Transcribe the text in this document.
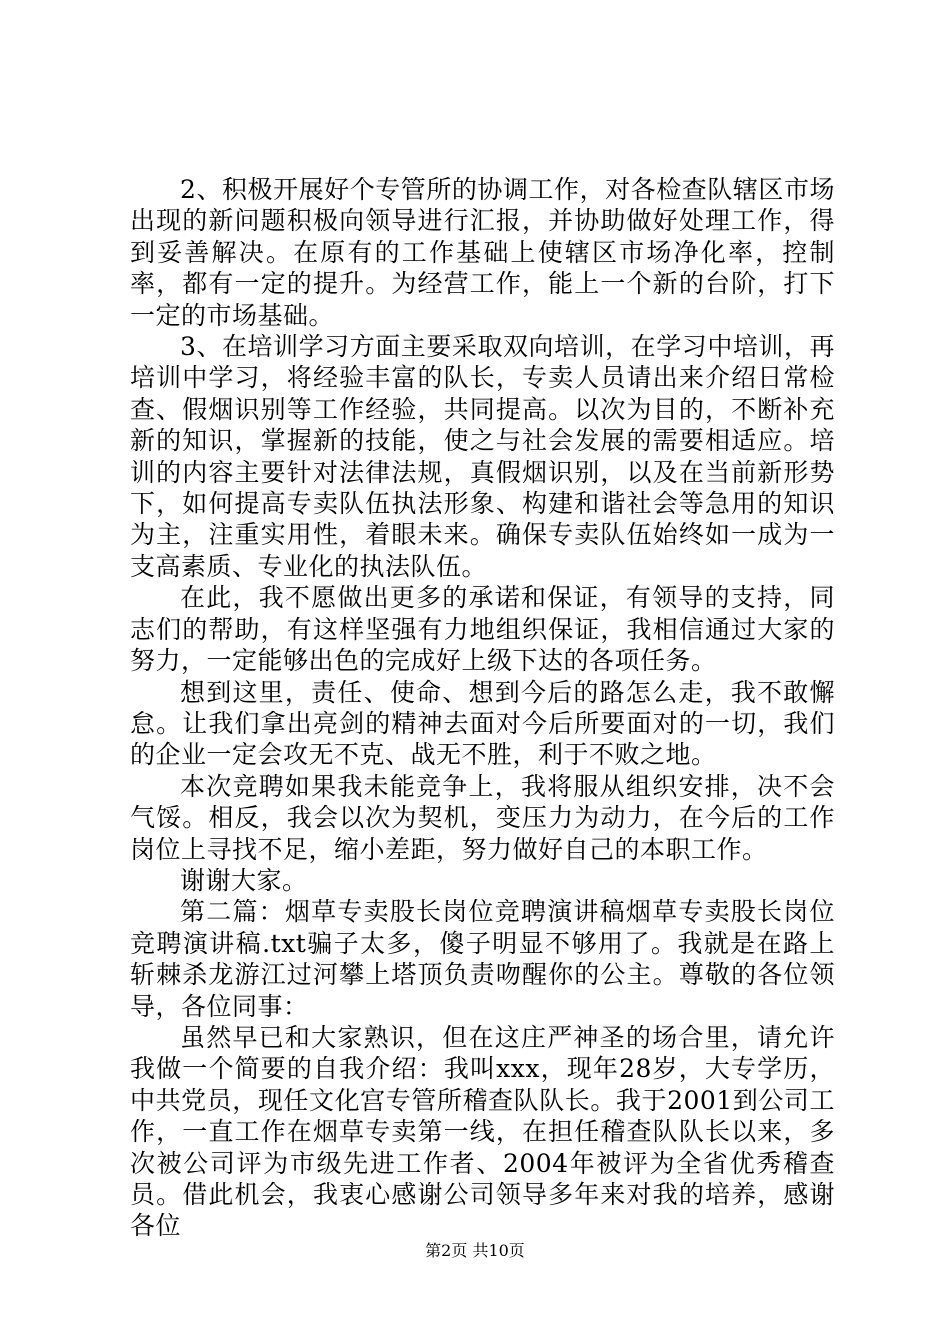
2、积极开展好个专管所的协调工作，对各检查队辖区市场出现的新问题积极向领导进行汇报，并协助做好处理工作，得到妥善解决。在原有的工作基础上使辖区市场净化率，控制率，都有一定的提升。为经营工作，能上一个新的台阶，打下一定的市场基础。

3、在培训学习方面主要采取双向培训，在学习中培训，再培训中学习，将经验丰富的队长，专卖人员请出来介绍日常检查、假烟识别等工作经验，共同提高。以次为目的，不断补充新的知识，掌握新的技能，使之与社会发展的需要相适应。培训的内容主要针对法律法规，真假烟识别，以及在当前新形势下，如何提高专卖队伍执法形象、构建和谐社会等急用的知识为主，注重实用性，着眼未来。确保专卖队伍始终如一成为一支高素质、专业化的执法队伍。

在此，我不愿做出更多的承诺和保证，有领导的支持，同志们的帮助，有这样坚强有力地组织保证，我相信通过大家的努力，一定能够出色的完成好上级下达的各项任务。

想到这里，责任、使命、想到今后的路怎么走，我不敢懈怠。让我们拿出亮剑的精神去面对今后所要面对的一切，我们的企业一定会攻无不克、战无不胜，利于不败之地。

本次竞聘如果我未能竞争上，我将服从组织安排，决不会气馁。相反，我会以次为契机，变压力为动力，在今后的工作岗位上寻找不足，缩小差距，努力做好自己的本职工作。

谢谢大家。

第二篇：烟草专卖股长岗位竞聘演讲稿烟草专卖股长岗位竞聘演讲稿.txt骗子太多，傻子明显不够用了。我就是在路上斩棘杀龙游江过河攀上塔顶负责吻醒你的公主。尊敬的各位领导，各位同事：

虽然早已和大家熟识，但在这庄严神圣的场合里，请允许我做一个简要的自我介绍：我叫xxx，现年28岁，大专学历，中共党员，现任文化宫专管所稽查队队长。我于2001到公司工作，一直工作在烟草专卖第一线，在担任稽查队队长以来，多次被公司评为市级先进工作者、2004年被评为全省优秀稽查员。借此机会，我衷心感谢公司领导多年来对我的培养，感谢各位

第2页 共10页
